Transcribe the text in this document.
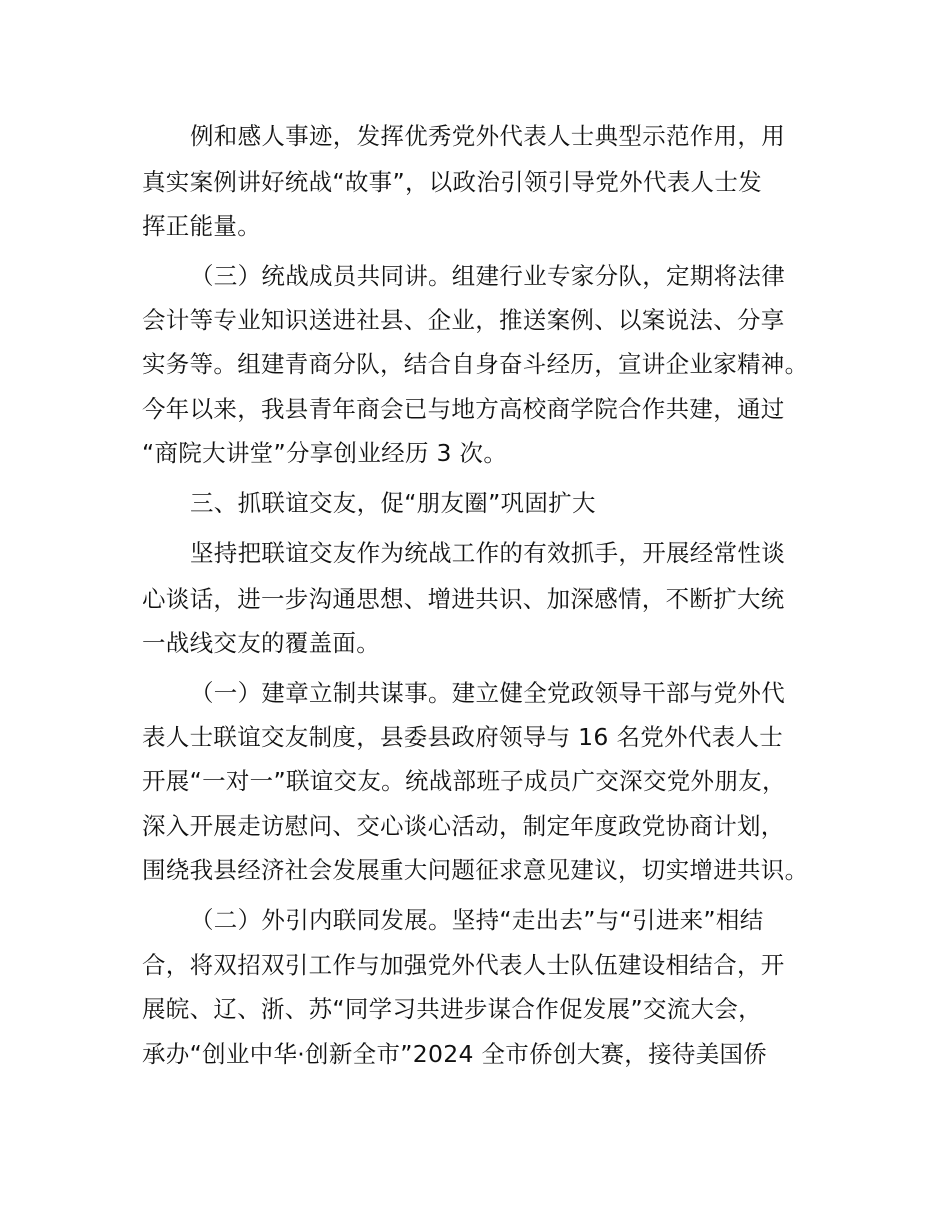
例和感人事迹，发挥优秀党外代表人士典型示范作用，用
真实案例讲好统战“故事”，以政治引领引导党外代表人士发
挥正能量。
（三）统战成员共同讲。组建行业专家分队，定期将法律
会计等专业知识送进社县、企业，推送案例、以案说法、分享
实务等。组建青商分队，结合自身奋斗经历，宣讲企业家精神。
今年以来，我县青年商会已与地方高校商学院合作共建，通过
“商院大讲堂”分享创业经历 3 次。
三、抓联谊交友，促“朋友圈”巩固扩大
坚持把联谊交友作为统战工作的有效抓手，开展经常性谈
心谈话，进一步沟通思想、增进共识、加深感情，不断扩大统
一战线交友的覆盖面。
（一）建章立制共谋事。建立健全党政领导干部与党外代
表人士联谊交友制度，县委县政府领导与 16 名党外代表人士
开展“一对一”联谊交友。统战部班子成员广交深交党外朋友，
深入开展走访慰问、交心谈心活动，制定年度政党协商计划，
围绕我县经济社会发展重大问题征求意见建议，切实增进共识。
（二）外引内联同发展。坚持“走出去”与“引进来”相结
合，将双招双引工作与加强党外代表人士队伍建设相结合，开
展皖、辽、浙、苏“同学习共进步谋合作促发展”交流大会，
承办“创业中华·创新全市”2024 全市侨创大赛，接待美国侨
